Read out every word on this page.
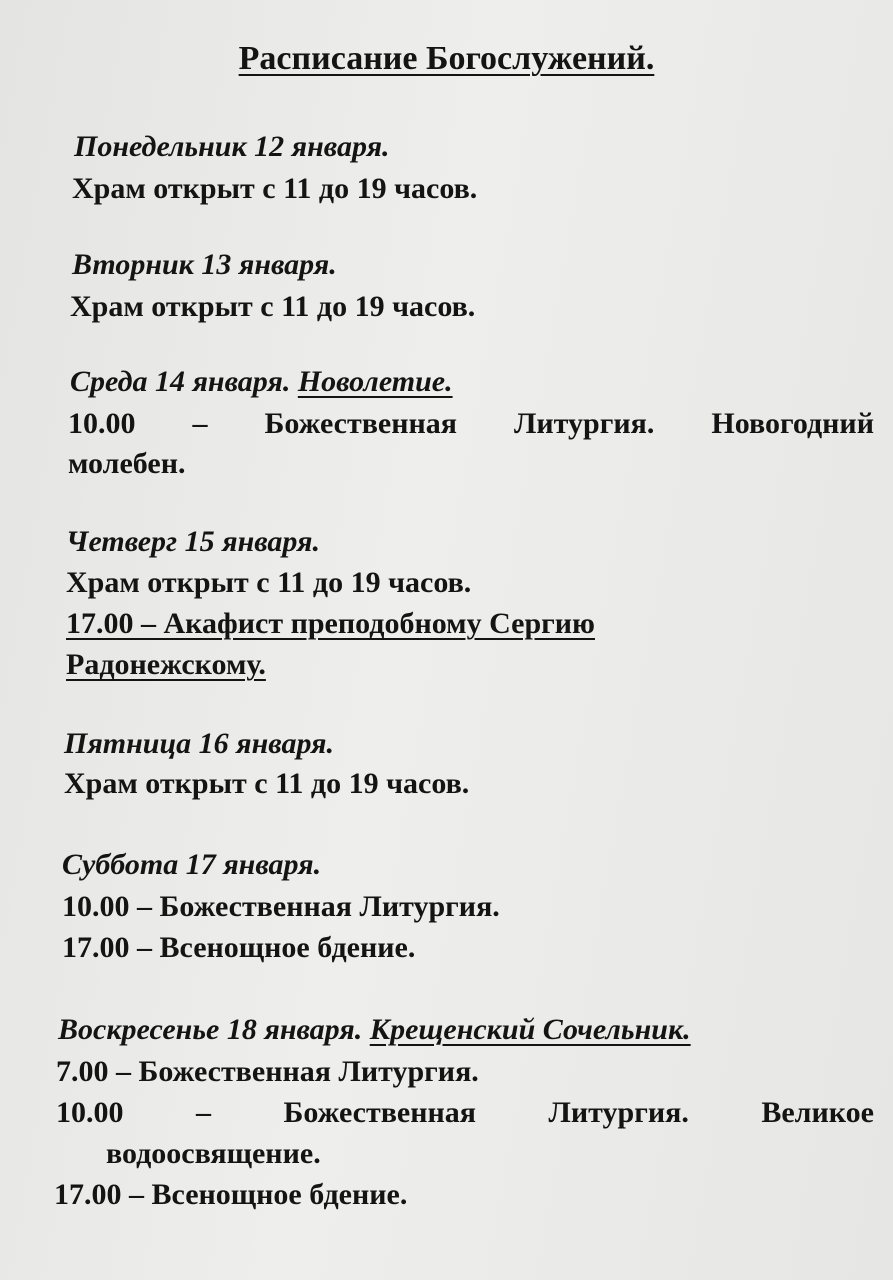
Расписание Богослужений.
Понедельник 12 января.
Храм открыт с 11 до 19 часов.
Вторник 13 января.
Храм открыт с 11 до 19 часов.
Среда 14 января. Новолетие.
10.00 – Божественная Литургия. Новогодний
молебен.
Четверг 15 января.
Храм открыт с 11 до 19 часов.
17.00 – Акафист преподобному Сергию
Радонежскому.
Пятница 16 января.
Храм открыт с 11 до 19 часов.
Суббота 17 января.
10.00 – Божественная Литургия.
17.00 – Всенощное бдение.
Воскресенье 18 января. Крещенский Сочельник.
7.00 – Божественная Литургия.
10.00 – Божественная Литургия. Великое
водоосвящение.
17.00 – Всенощное бдение.
